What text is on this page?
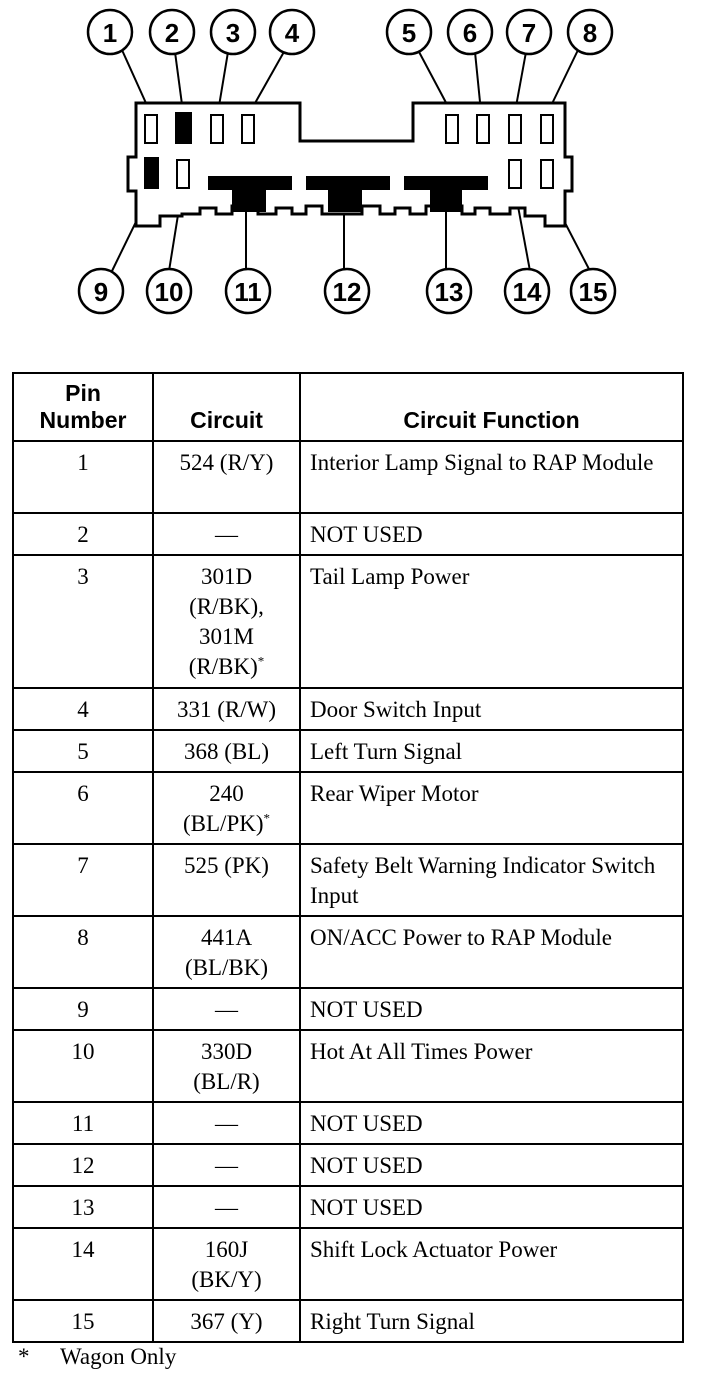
1 2 3 4	5 6 7 8
9 10 11	12	13 14 15
Pin
Number	Circuit	Circuit Function
1	524 (R/Y)	Interior Lamp Signal to RAP Module
2	—	NOT USED
3	301D
(R/BK),
301M
(R/BK)*	Tail Lamp Power
4	331 (R/W)	Door Switch Input
5	368 (BL)	Left Turn Signal
6	240
(BL/PK)*	Rear Wiper Motor
7	525 (PK)	Safety Belt Warning Indicator Switch Input
8	441A
(BL/BK)	ON/ACC Power to RAP Module
9	—	NOT USED
10	330D
(BL/R)	Hot At All Times Power
11	—	NOT USED
12	—	NOT USED
13	—	NOT USED
14	160J
(BK/Y)	Shift Lock Actuator Power
15	367 (Y)	Right Turn Signal
* Wagon Only
